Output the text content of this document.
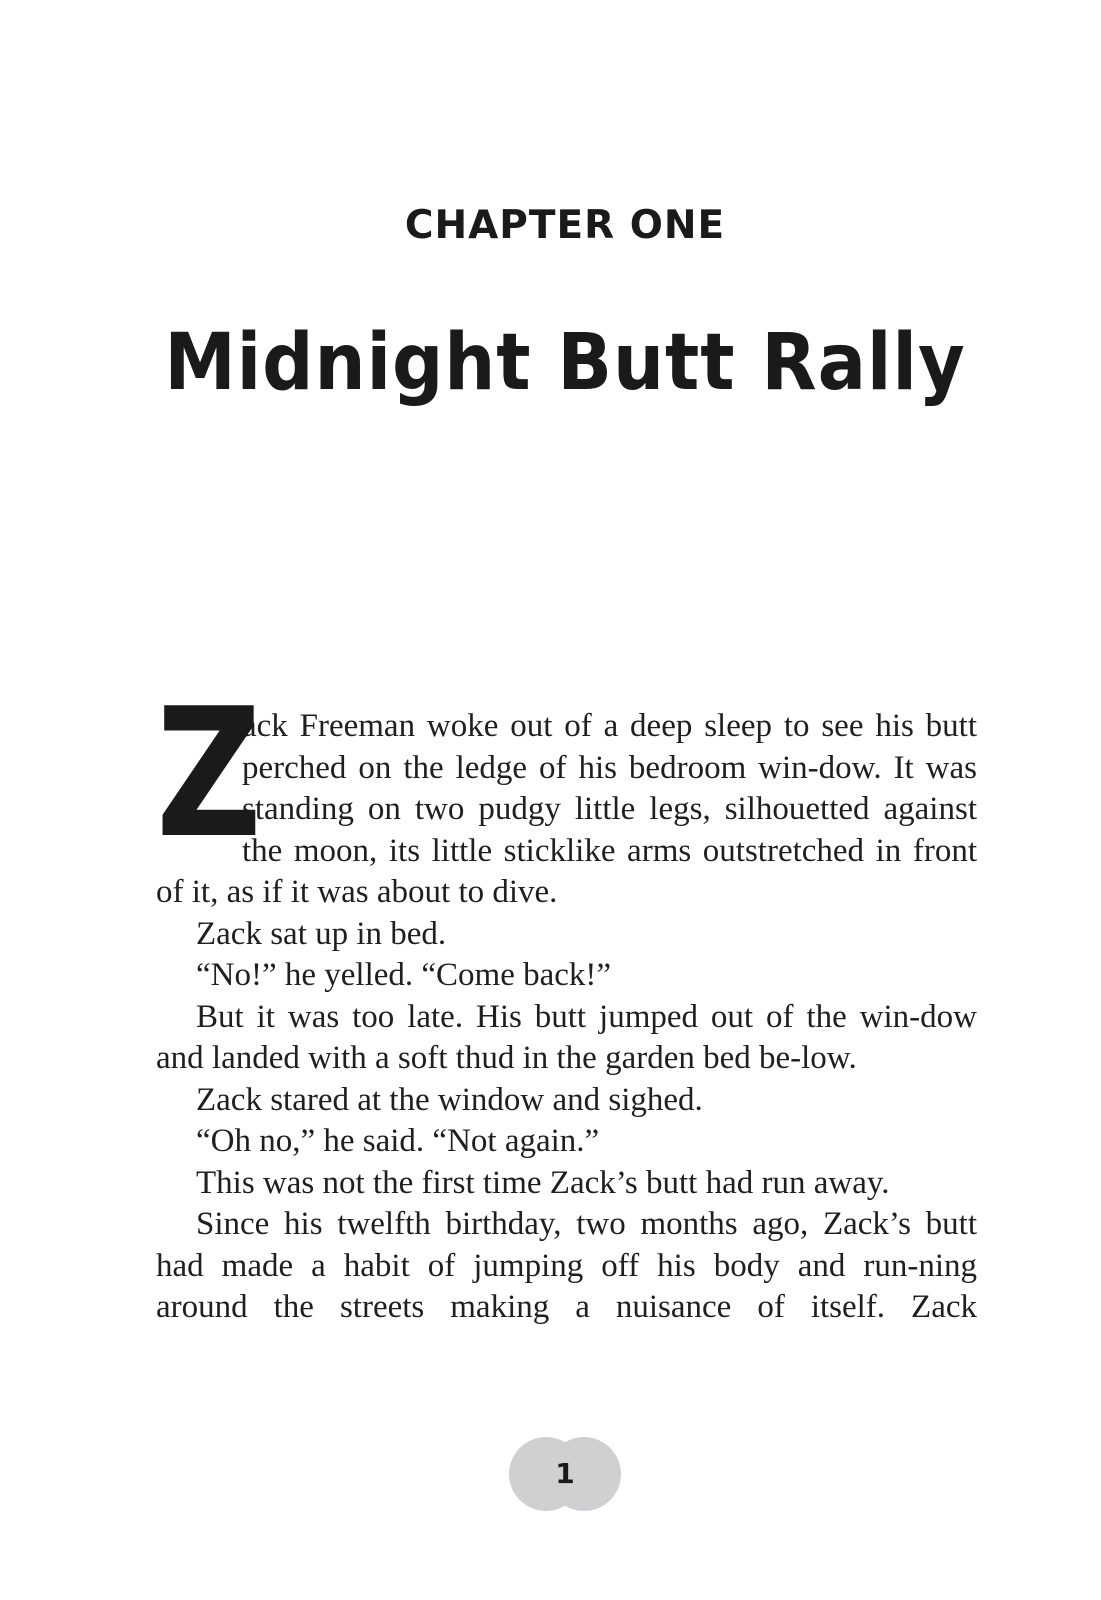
CHAPTER ONE
Midnight Butt Rally

Z
ack Freeman woke out of a deep sleep to see his butt perched on the ledge of his bedroom win-dow. It was standing on two pudgy little legs, silhouetted against the moon, its little sticklike arms outstretched in front of it, as if it was about to dive.

Zack sat up in bed.

“No!” he yelled. “Come back!”

But it was too late. His butt jumped out of the win-dow and landed with a soft thud in the garden bed be-low.

Zack stared at the window and sighed.

“Oh no,” he said. “Not again.”

This was not the first time Zack’s butt had run away.

Since his twelfth birthday, two months ago, Zack’s butt had made a habit of jumping off his body and run-ning around the streets making a nuisance of itself. Zack

1
